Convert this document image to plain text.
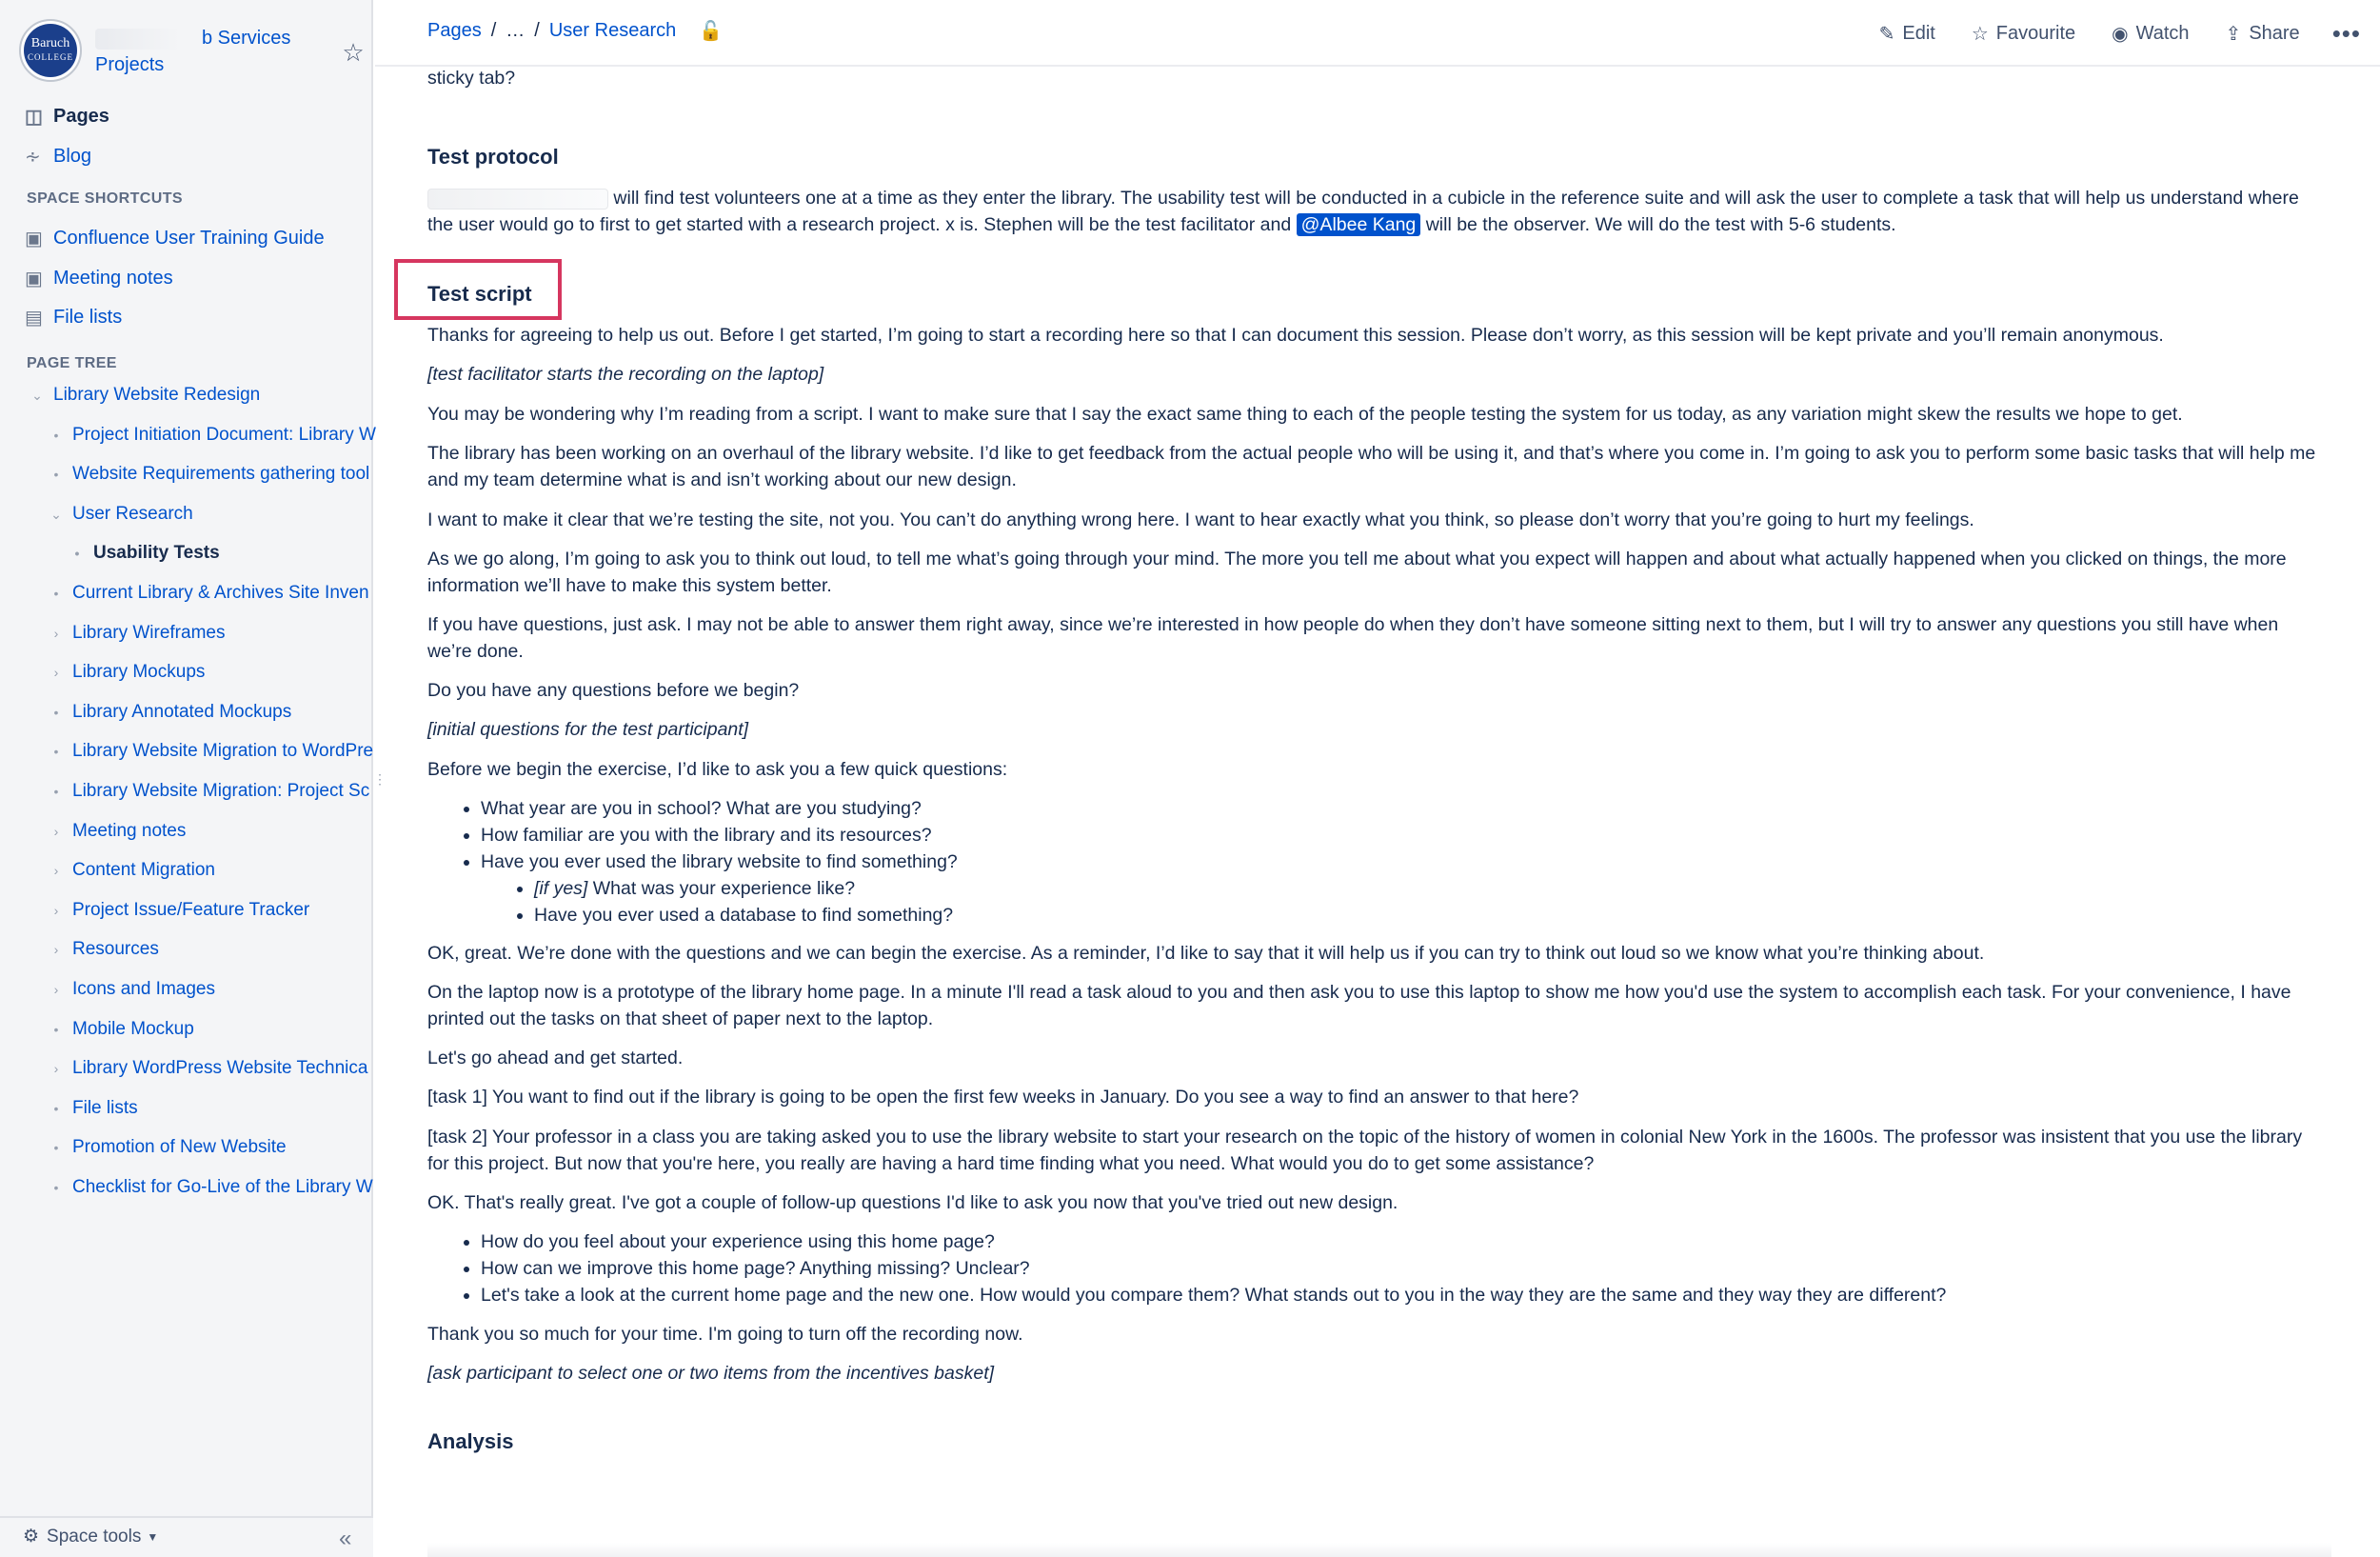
Baruch
COLLEGE
b Services
Projects	☆
◫ Pages
∻ Blog
SPACE SHORTCUTS
▣ Confluence User Training Guide
▣ Meeting notes
▤ File lists
PAGE TREE
⌄ Library Website Redesign
• Project Initiation Document: Library W
• Website Requirements gathering tool
⌄ User Research
• Usability Tests
• Current Library & Archives Site Inven
› Library Wireframes
› Library Mockups
• Library Annotated Mockups
• Library Website Migration to WordPre
• Library Website Migration: Project Sc
› Meeting notes
› Content Migration
› Project Issue/Feature Tracker
› Resources
› Icons and Images
• Mobile Mockup
› Library WordPress Website Technica
• File lists
• Promotion of New Website
• Checklist for Go-Live of the Library W
⚙ Space tools ▼	«
⋮
Pages / … / User Research 🔓	✎ Edit ☆ Favourite ◉ Watch ⇪ Share •••

sticky tab?

Test protocol

will find test volunteers one at a time as they enter the library. The usability test will be conducted in a cubicle in the reference suite and will ask the user to complete a task that will help us understand where the user would go to first to get started with a research project. x is. Stephen will be the test facilitator and @Albee Kang will be the observer. We will do the test with 5-6 students.

Test script

Thanks for agreeing to help us out. Before I get started, I’m going to start a recording here so that I can document this session. Please don’t worry, as this session will be kept private and you’ll remain anonymous.

[test facilitator starts the recording on the laptop]

You may be wondering why I’m reading from a script. I want to make sure that I say the exact same thing to each of the people testing the system for us today, as any variation might skew the results we hope to get.

The library has been working on an overhaul of the library website. I’d like to get feedback from the actual people who will be using it, and that’s where you come in. I’m going to ask you to perform some basic tasks that will help me and my team determine what is and isn’t working about our new design.

I want to make it clear that we’re testing the site, not you. You can’t do anything wrong here. I want to hear exactly what you think, so please don’t worry that you’re going to hurt my feelings.

As we go along, I’m going to ask you to think out loud, to tell me what’s going through your mind. The more you tell me about what you expect will happen and about what actually happened when you clicked on things, the more information we’ll have to make this system better.

If you have questions, just ask. I may not be able to answer them right away, since we’re interested in how people do when they don’t have someone sitting next to them, but I will try to answer any questions you still have when we’re done.

Do you have any questions before we begin?

[initial questions for the test participant]

Before we begin the exercise, I’d like to ask you a few quick questions:

• What year are you in school? What are you studying?
• How familiar are you with the library and its resources?
• Have you ever used the library website to find something?
• [if yes] What was your experience like?
• Have you ever used a database to find something?

OK, great. We’re done with the questions and we can begin the exercise. As a reminder, I’d like to say that it will help us if you can try to think out loud so we know what you’re thinking about.

On the laptop now is a prototype of the library home page. In a minute I'll read a task aloud to you and then ask you to use this laptop to show me how you'd use the system to accomplish each task. For your convenience, I have printed out the tasks on that sheet of paper next to the laptop.

Let's go ahead and get started.

[task 1] You want to find out if the library is going to be open the first few weeks in January. Do you see a way to find an answer to that here?

[task 2] Your professor in a class you are taking asked you to use the library website to start your research on the topic of the history of women in colonial New York in the 1600s. The professor was insistent that you use the library for this project. But now that you're here, you really are having a hard time finding what you need. What would you do to get some assistance?

OK. That's really great. I've got a couple of follow-up questions I'd like to ask you now that you've tried out new design.

• How do you feel about your experience using this home page?
• How can we improve this home page? Anything missing? Unclear?
• Let's take a look at the current home page and the new one. How would you compare them? What stands out to you in the way they are the same and they way they are different?

Thank you so much for your time. I'm going to turn off the recording now.

[ask participant to select one or two items from the incentives basket]

Analysis
